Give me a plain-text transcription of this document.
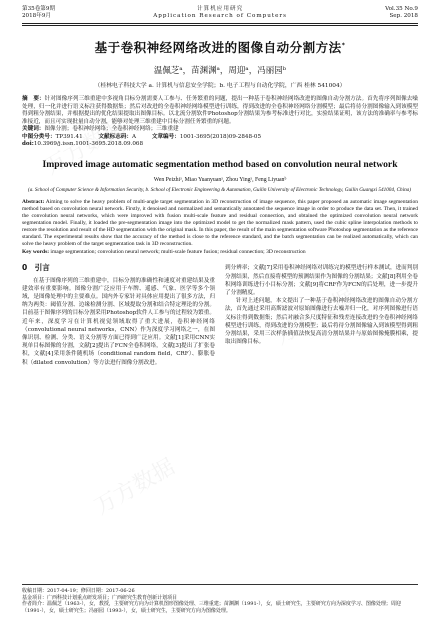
第35卷第9期
2018年9月
计算机应用研究
Application Research of Computers
Vol.35 No.9
Sep. 2018
基于卷积神经网络改进的图像自动分割方法*
温佩芝ᵃ，苗渊渊ᵃ，周迎ᵃ，冯丽园ᵇ
（桂林电子科技大学 a. 计算机与信息安全学院；b. 电子工程与自动化学院，广西 桂林 541004）
摘　要：针对图像序列三维重建中多视角目标分割需要人工参与、任务繁重的问题，提出一种基于卷积神经网络改进的图像自动分割方法。首先将序列图像去噪处理，归一化并进行语义标注获得数据集；然后对改进的全卷积神经网络模型进行训练，得到改进的全卷积神经网络分割模型；最后将待分割图像输入到该模型得到粗分割结果，并根据提出的优化结果提取出图像目标。以北流分割软件Photoshop分割结果为参考标准进行对比，实验结果证明，该方法的准确率与参考标准接近，而且可实现批量自动分割，能够对处理三维重建中目标分割任务繁重的问题。
关键词：图像分割；卷积神经网络；全卷积神经网络；三维重建
中图分类号：TP391.41	文献标志码：A	文章编号：1001-3695(2018)09-2848-05
doi:10.3969/j.issn.1001-3695.2018.09.068
Improved image automatic segmentation method based on convolution neural network
Wen Peizhiᵃ, Miao Yuanyuanᵃ, Zhou Yingᵃ, Feng Liyuanᵇ
(a. School of Computer Science & Information Security, b. School of Electronic Engineering & Automation, Guilin University of Electronic Technology, Guilin Guangxi 541004, China)
Abstract: Aiming to solve the heavy problem of multi-angle target segmentation in 3D reconstruction of image sequence, this paper proposed an automatic image segmentation method based on convolution neural network. Firstly, it denoised and normalized and semantically annotated the sequence image in order to produce the data set. Then, it trained the convolution neural networks, which were improved with fusion multi-scale feature and residual connection, and obtained the optimized convolution neural network segmentation model. Finally, it loaded the pre-segmentation image into the optimized model to get the normalized mask pattern, used the cubic spline interpolation methods to restore the resolution and result of the HD segmentation with the original mask. In this paper, the result of the main segmentation software Photoshop segmentation as the reference standard. The experimental results show that the accuracy of the method is close to the reference standard, and the batch segmentation can be realized automatically, which can solve the heavy problem of the target segmentation task in 3D reconstruction.
Key words: image segmentation; convolution neural network; multi-scale feature fusion; residual connection; 3D reconstruction
0　引言

在基于图像序列的三维重建中，目标分割的准确性和速度对重建结果及重建效率有重要影响。图像分割广泛应用于车牌、遥感、气象、医学等多个领域，是图像处理中的主要难点。国内外专家针对具体应用提出了很多方法，归纳为两类：阈值分割、边缘检测分割、区域提取分割和结合特定理论的分割。目前基于图像序列的目标分割采用Photoshop软件人工参与的过程较为繁重。近年来，深度学习在计算机视觉领域取得了重大进展，卷积神经网络（convolutional neural networks，CNN）作为深度学习网络之一，在图像识别、检测、分类、语义分割等方面已得到广泛应用。文献[1]采用CNN实现单目标图像的分割，文献[2]提出了FCN全卷积网络，文献[3]提出了扩张卷积，文献[4]采用条件随机场（conditional random field，CRF）、膨胀卷积（dilated convolution）等方法进行图像分割改进。

到分辨率；文献[7]采用卷积神经网络对训练完的模型进行样本测试，进而判别分割结果，然后直接将模型的预测结果作为图像的分割结果；文献[8]利用全卷积网络训练进行小目标分割；文献[9]将CRF作为FCN的后处理，进一步提升了分割精度。

针对上述问题，本文提出了一种基于卷积神经网络改进的图像自动分割方法，首先通过采用高斯滤波对原始图像进行去噪并归一化，对序列图像进行语义标注得到数据集；然后对融合多尺度特征和残差连接改进的全卷积神经网络模型进行训练，得到改进的分割模型；最后将待分割图像输入到该模型得到粗分割结果，采用三次样条插值法恢复高清分割结果并与原始图像掩膜相乘，提取出图像目标。

收稿日期：2017-04-19；修回日期：2017-06-26
基金项目：广西科技计划重点研发项目；广西研究生教育创新计划项目
作者简介：温佩芝（1963-），女，教授，主要研究方向为计算机图形图像处理、三维重建；苗渊渊（1991-），女，硕士研究生，主要研究方向为深度学习、图像处理；周迎（1991-），女，硕士研究生；冯丽园（1993-），女，硕士研究生，主要研究方向为图像处理。
